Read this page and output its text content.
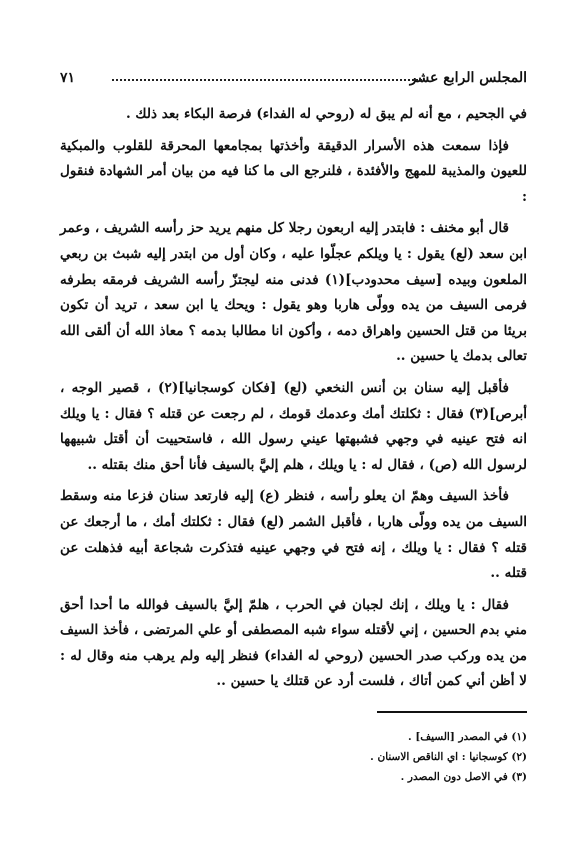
المجلس الرابع عشر
٧١

في الجحيم ، مع أنه لم يبق له (روحي له الفداء) فرصة البكاء بعد ذلك .

فإذا سمعت هذه الأسرار الدقيقة وأخذتها بمجامعها المحرقة للقلوب والمبكية للعيون والمذيبة للمهج والأفئدة ، فلنرجع الى ما كنا فيه من بيان أمر الشهادة فنقول :

قال أبو مخنف : فابتدر إليه اربعون رجلا كل منهم يريد حز رأسه الشريف ، وعمر ابن سعد (لع) يقول : يا ويلكم عجلّوا عليه ، وكان أول من ابتدر إليه شبث بن ربعي الملعون وبيده [سيف محدودب](١) فدنى منه ليجتزّ رأسه الشريف فرمقه بطرفه فرمى السيف من يده وولّى هاربا وهو يقول : ويحك يا ابن سعد ، تريد أن تكون بريئا من قتل الحسين واهراق دمه ، وأكون انا مطالبا بدمه ؟ معاذ الله أن ألقى الله تعالى بدمك يا حسين ..

فأقبل إليه سنان بن أنس النخعي (لع) [فكان كوسجانيا](٢) ، قصير الوجه ، أبرص](٣) فقال : ثكلتك أمك وعدمك قومك ، لم رجعت عن قتله ؟ فقال : يا ويلك انه فتح عينيه في وجهي فشبهتها عيني رسول الله ، فاستحييت أن أقتل شبيهها لرسول الله (ص) ، فقال له : يا ويلك ، هلم إليَّ بالسيف فأنا أحق منك بقتله ..

فأخذ السيف وهمّ ان يعلو رأسه ، فنظر (ع) إليه فارتعد سنان فزعا منه وسقط السيف من يده وولّى هاربا ، فأقبل الشمر (لع) فقال : ثكلتك أمك ، ما أرجعك عن قتله ؟ فقال : يا ويلك ، إنه فتح في وجهي عينيه فتذكرت شجاعة أبيه فذهلت عن قتله ..

فقال : يا ويلك ، إنك لجبان في الحرب ، هلمّ إليَّ بالسيف فوالله ما أحدا أحق مني بدم الحسين ، إني لأقتله سواء شبه المصطفى أو علي المرتضى ، فأخذ السيف من يده وركب صدر الحسين (روحي له الفداء) فنظر إليه ولم يرهب منه وقال له : لا أظن أني كمن أتاك ، فلست أرد عن قتلك يا حسين ..

(١) في المصدر [السيف] .
(٢) كوسجانيا : اي الناقص الاسنان .
(٣) في الاصل دون المصدر .
